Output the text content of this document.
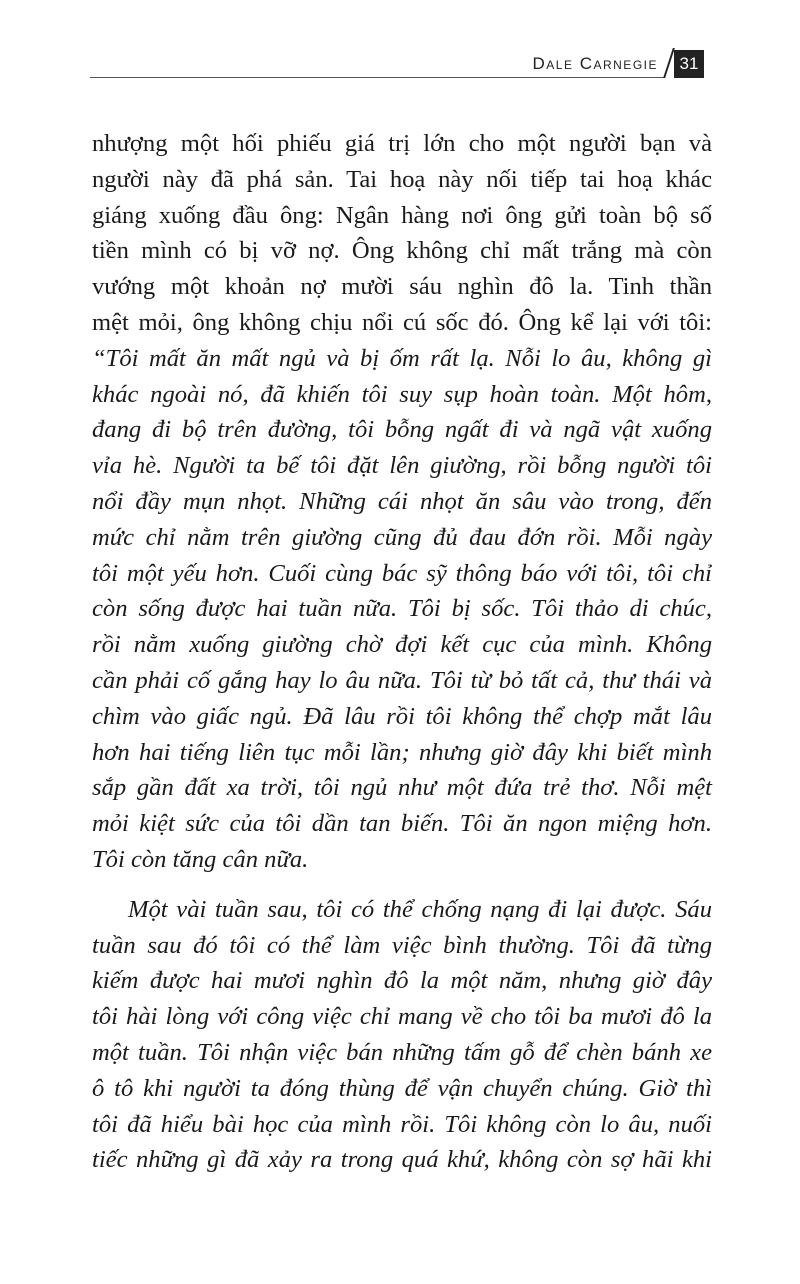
Dale Carnegie	31

nhượng một hối phiếu giá trị lớn cho một người bạn và
người này đã phá sản. Tai hoạ này nối tiếp tai hoạ khác
giáng xuống đầu ông: Ngân hàng nơi ông gửi toàn bộ số
tiền mình có bị vỡ nợ. Ông không chỉ mất trắng mà còn
vướng một khoản nợ mười sáu nghìn đô la. Tinh thần
mệt mỏi, ông không chịu nổi cú sốc đó. Ông kể lại với tôi:

“Tôi mất ăn mất ngủ và bị ốm rất lạ. Nỗi lo âu, không gì
khác ngoài nó, đã khiến tôi suy sụp hoàn toàn. Một hôm,
đang đi bộ trên đường, tôi bỗng ngất đi và ngã vật xuống
vỉa hè. Người ta bế tôi đặt lên giường, rồi bỗng người tôi
nổi đầy mụn nhọt. Những cái nhọt ăn sâu vào trong, đến
mức chỉ nằm trên giường cũng đủ đau đớn rồi. Mỗi ngày
tôi một yếu hơn. Cuối cùng bác sỹ thông báo với tôi, tôi chỉ
còn sống được hai tuần nữa. Tôi bị sốc. Tôi thảo di chúc,
rồi nằm xuống giường chờ đợi kết cục của mình. Không
cần phải cố gắng hay lo âu nữa. Tôi từ bỏ tất cả, thư thái và
chìm vào giấc ngủ. Đã lâu rồi tôi không thể chợp mắt lâu
hơn hai tiếng liên tục mỗi lần; nhưng giờ đây khi biết mình
sắp gần đất xa trời, tôi ngủ như một đứa trẻ thơ. Nỗi mệt
mỏi kiệt sức của tôi dần tan biến. Tôi ăn ngon miệng hơn.
Tôi còn tăng cân nữa.

Một vài tuần sau, tôi có thể chống nạng đi lại được. Sáu
tuần sau đó tôi có thể làm việc bình thường. Tôi đã từng
kiếm được hai mươi nghìn đô la một năm, nhưng giờ đây
tôi hài lòng với công việc chỉ mang về cho tôi ba mươi đô la
một tuần. Tôi nhận việc bán những tấm gỗ để chèn bánh xe
ô tô khi người ta đóng thùng để vận chuyển chúng. Giờ thì
tôi đã hiểu bài học của mình rồi. Tôi không còn lo âu, nuối
tiếc những gì đã xảy ra trong quá khứ, không còn sợ hãi khi
